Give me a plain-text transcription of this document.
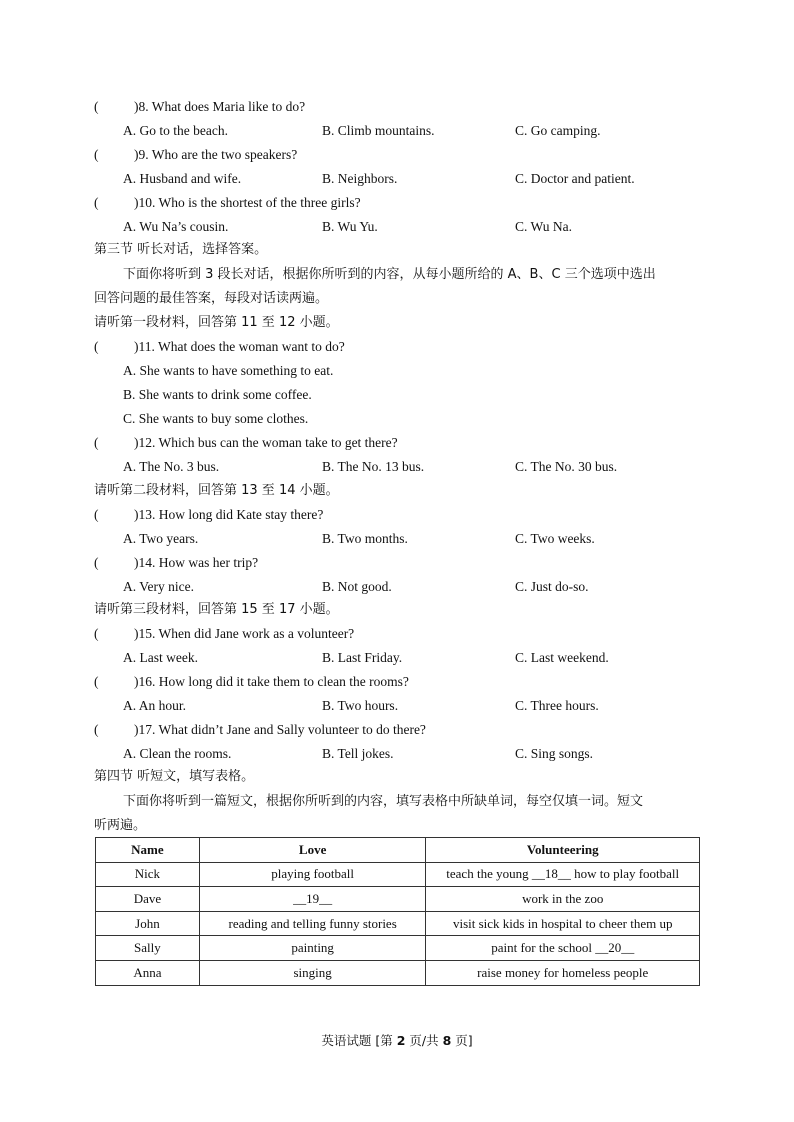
(	)8. What does Maria like to do?
A. Go to the beach.	B. Climb mountains.	C. Go camping.
(	)9. Who are the two speakers?
A. Husband and wife.	B. Neighbors.	C. Doctor and patient.
(	)10. Who is the shortest of the three girls?
A. Wu Na’s cousin.	B. Wu Yu.	C. Wu Na.
第三节 听长对话，选择答案。
下面你将听到 3 段长对话，根据你所听到的内容，从每小题所给的 A、B、C 三个选项中选出
回答问题的最佳答案，每段对话读两遍。
请听第一段材料，回答第 11 至 12 小题。
(	)11. What does the woman want to do?
A. She wants to have something to eat.
B. She wants to drink some coffee.
C. She wants to buy some clothes.
(	)12. Which bus can the woman take to get there?
A. The No. 3 bus.	B. The No. 13 bus.	C. The No. 30 bus.
请听第二段材料，回答第 13 至 14 小题。
(	)13. How long did Kate stay there?
A. Two years.	B. Two months.	C. Two weeks.
(	)14. How was her trip?
A. Very nice.	B. Not good.	C. Just do-so.
请听第三段材料，回答第 15 至 17 小题。
(	)15. When did Jane work as a volunteer?
A. Last week.	B. Last Friday.	C. Last weekend.
(	)16. How long did it take them to clean the rooms?
A. An hour.	B. Two hours.	C. Three hours.
(	)17. What didn’t Jane and Sally volunteer to do there?
A. Clean the rooms.	B. Tell jokes.	C. Sing songs.
第四节 听短文，填写表格。
下面你将听到一篇短文，根据你所听到的内容，填写表格中所缺单词，每空仅填一词。短文
听两遍。
Name	Love	Volunteering
Nick	playing football	teach the young __18__ how to play football
Dave	__19__	work in the zoo
John	reading and telling funny stories	visit sick kids in hospital to cheer them up
Sally	painting	paint for the school __20__
Anna	singing	raise money for homeless people
英语试题 [第 2 页/共 8 页]
